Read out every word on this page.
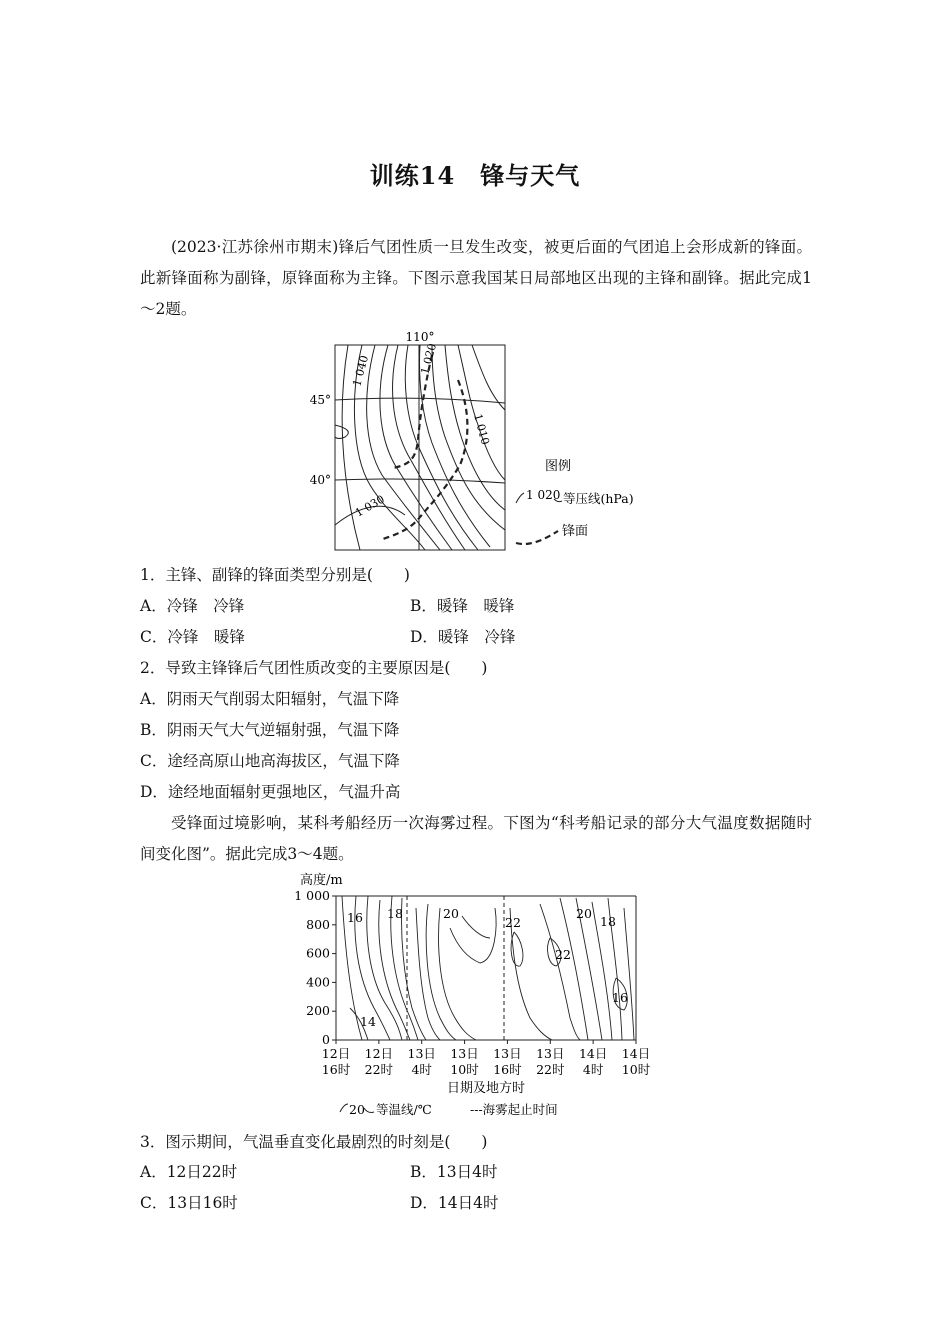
训练14　锋与天气
(2023·江苏徐州市期末)锋后气团性质一旦发生改变，被更后面的气团追上会形成新的锋面。此新锋面称为副锋，原锋面称为主锋。下图示意我国某日局部地区出现的主锋和副锋。据此完成1～2题。
110°
45°
40°
1 040	1 020
1 010
1 030
图例
1 020 等压线(hPa)
锋面
1．主锋、副锋的锋面类型分别是(　　)
A．冷锋　冷锋	B．暖锋　暖锋
C．冷锋　暖锋	D．暖锋　冷锋
2．导致主锋锋后气团性质改变的主要原因是(　　)
A．阴雨天气削弱太阳辐射，气温下降
B．阴雨天气大气逆辐射强，气温下降
C．途经高原山地高海拔区，气温下降
D．途经地面辐射更强地区，气温升高
受锋面过境影响，某科考船经历一次海雾过程。下图为“科考船记录的部分大气温度数据随时间变化图”。据此完成3～4题。
高度/m
1 000
800
600
400
200
0
12日
16时
12日
22时
13日
4时
13日
10时
13日
16时
13日
22时
14日
4时
14日
10时
16 18	20
22
22
20
18
14
16
日期及地方时
20 等温线/℃	---海雾起止时间
3．图示期间，气温垂直变化最剧烈的时刻是(　　)
A．12日22时	B．13日4时
C．13日16时	D．14日4时
